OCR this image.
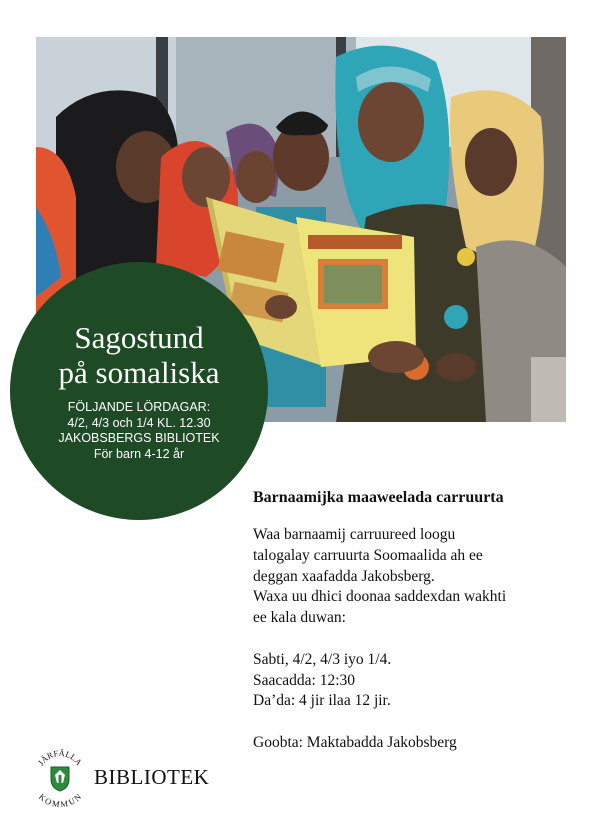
Sagostund
på somaliska
FÖLJANDE LÖRDAGAR:
4/2, 4/3 och 1/4 KL. 12.30
JAKOBSBERGS BIBLIOTEK
För barn 4-12 år
Barnaamijka maaweelada carruurta
Waa barnaamij carruureed loogu
talogalay carruurta Soomaalida ah ee
deggan xaafadda Jakobsberg.
Waxa uu dhici doonaa saddexdan wakhti
ee kala duwan:
Sabti, 4/2, 4/3 iyo 1/4.
Saacadda: 12:30
Da’da: 4 jir ilaa 12 jir.
Goobta: Maktabadda Jakobsberg
JÄRFÄLLA
KOMMUN
BIBLIOTEK
